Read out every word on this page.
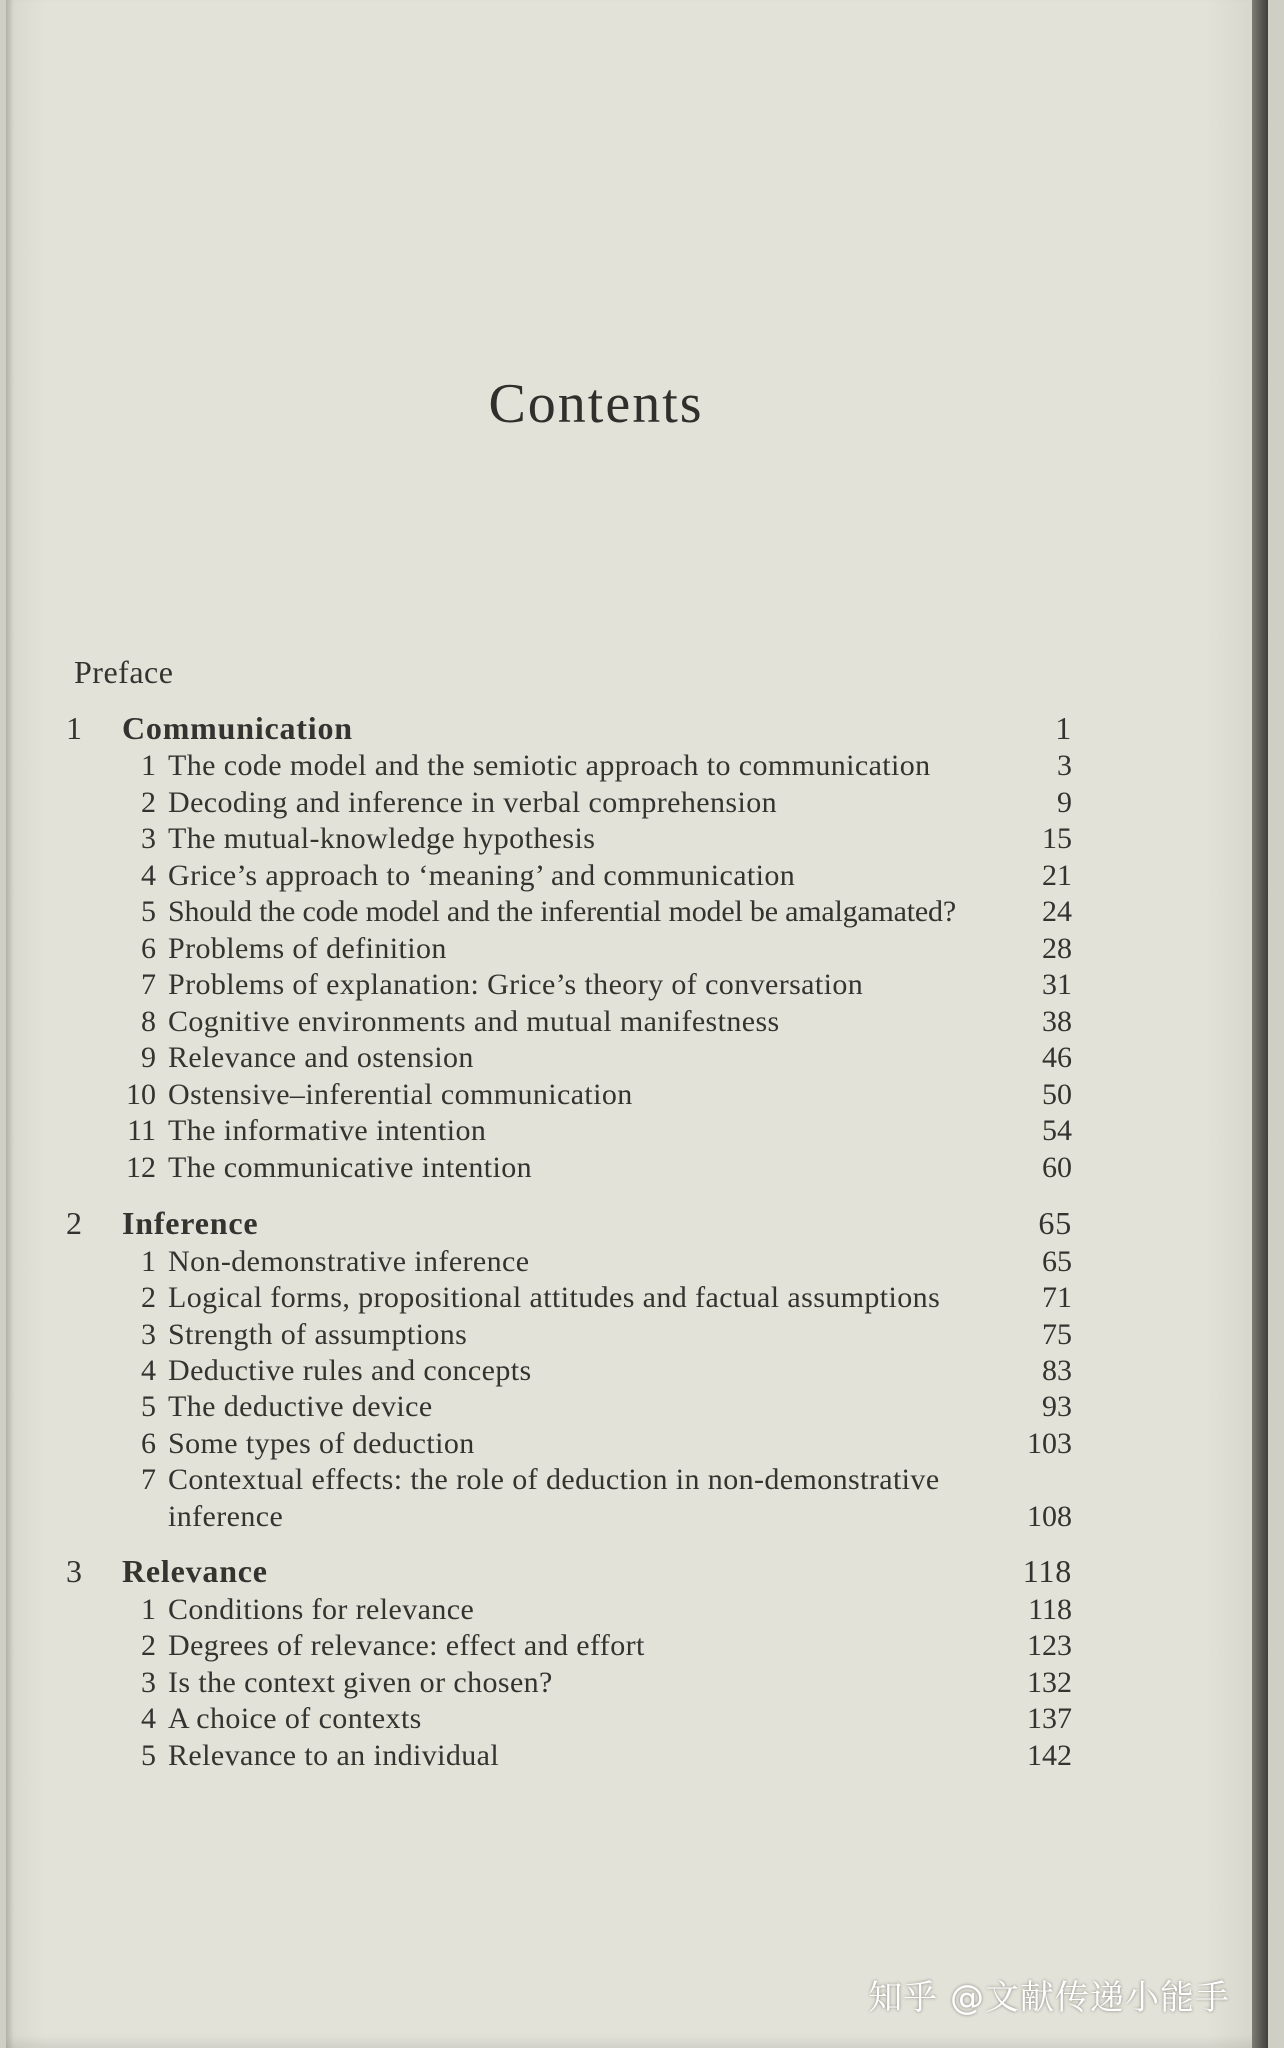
Contents
Preface
1 Communication	1
1 The code model and the semiotic approach to communication	3
2 Decoding and inference in verbal comprehension	9
3 The mutual-knowledge hypothesis	15
4 Grice’s approach to ‘meaning’ and communication	21
5 Should the code model and the inferential model be amalgamated?	24
6 Problems of definition	28
7 Problems of explanation: Grice’s theory of conversation	31
8 Cognitive environments and mutual manifestness	38
9 Relevance and ostension	46
10 Ostensive–inferential communication	50
11 The informative intention	54
12 The communicative intention	60
2 Inference	65
1 Non-demonstrative inference	65
2 Logical forms, propositional attitudes and factual assumptions	71
3 Strength of assumptions	75
4 Deductive rules and concepts	83
5 The deductive device	93
6 Some types of deduction	103
7 Contextual effects: the role of deduction in non-demonstrative
inference	108
3 Relevance	118
1 Conditions for relevance	118
2 Degrees of relevance: effect and effort	123
3 Is the context given or chosen?	132
4 A choice of contexts	137
5 Relevance to an individual	142
知乎 @文献传递小能手
